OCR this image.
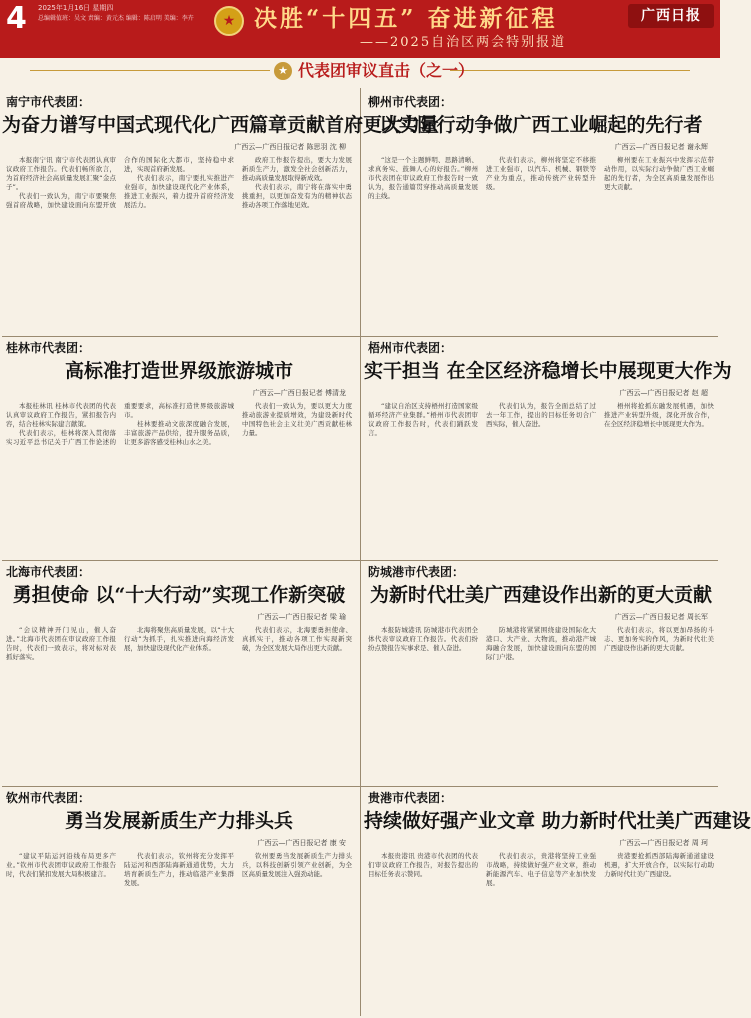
4 2025年1月16日 星期四
总编辑值班：吴文 责编：黄元杰 编辑：陈启明 美编：李卉	★ 决胜“十四五” 奋进新征程
——2025自治区两会特别报道
广西日报
★ 代表团审议直击（之一）
南宁市代表团：
为奋力谱写中国式现代化广西篇章贡献首府更大力量
广西云—广西日报记者 陈思羽 沈 柳

本报南宁讯 南宁市代表团认真审议政府工作报告。代表们畅所欲言，为首府经济社会高质量发展汇聚“金点子”。

代表们一致认为，南宁市要聚焦强首府战略，加快建设面向东盟开放合作的国际化大都市，坚持稳中求进，实现首府新发展。

代表们表示，南宁要扎实推进产业强市，加快建设现代化产业体系，推进工业振兴，着力提升首府经济发展活力。

政府工作报告提出，要大力发展新质生产力，激发全社会创新活力，推动高质量发展取得新成效。

代表们表示，南宁将在落实中勇挑重担，以更加奋发有为的精神状态推动各项工作落地见效。

柳州市代表团：
以实际行动争做广西工业崛起的先行者
广西云—广西日报记者 谢永辉

“这是一个主题鲜明、思路清晰、求真务实、鼓舞人心的好报告。”柳州市代表团在审议政府工作报告时一致认为，报告通篇贯穿推动高质量发展的主线。

代表们表示，柳州将坚定不移推进工业强市，以汽车、机械、钢铁等产业为重点，推动传统产业转型升级。

柳州要在工业振兴中发挥示范带动作用，以实际行动争做广西工业崛起的先行者，为全区高质量发展作出更大贡献。

桂林市代表团：
高标准打造世界级旅游城市
广西云—广西日报记者 傅清龙

本报桂林讯 桂林市代表团的代表认真审议政府工作报告，紧扣报告内容，结合桂林实际建言献策。

代表们表示，桂林将深入贯彻落实习近平总书记关于广西工作论述的重要要求，高标准打造世界级旅游城市。

桂林要推动文旅深度融合发展，丰富旅游产品供给，提升服务品质，让更多游客感受桂林山水之美。

代表们一致认为，要以更大力度推动旅游业提质增效，为建设新时代中国特色社会主义壮美广西贡献桂林力量。

梧州市代表团：
实干担当 在全区经济稳增长中展现更大作为
广西云—广西日报记者 赵 超

“建议自治区支持梧州打造国家级循环经济产业集群。”梧州市代表团审议政府工作报告时，代表们踊跃发言。

代表们认为，报告全面总结了过去一年工作，提出的目标任务切合广西实际，催人奋进。

梧州将抢抓东融发展机遇，加快推进产业转型升级，深化开放合作，在全区经济稳增长中展现更大作为。

北海市代表团：
勇担使命 以“十大行动”实现工作新突破
广西云—广西日报记者 梁 瑜

“会议精神开门见山，催人奋进。”北海市代表团在审议政府工作报告时，代表们一致表示，将对标对表抓好落实。

北海将聚焦高质量发展，以“十大行动”为抓手，扎实推进向海经济发展，加快建设现代化产业体系。

代表们表示，北海要勇担使命、真抓实干，推动各项工作实现新突破，为全区发展大局作出更大贡献。

防城港市代表团：
为新时代壮美广西建设作出新的更大贡献
广西云—广西日报记者 周长军

本报防城港讯 防城港市代表团全体代表审议政府工作报告。代表们纷纷点赞报告实事求是、催人奋进。

防城港将紧紧围绕建设国际化大港口、大产业、大物流，推动港产城海融合发展，加快建设面向东盟的国际门户港。

代表们表示，将以更加昂扬的斗志、更加务实的作风，为新时代壮美广西建设作出新的更大贡献。

钦州市代表团：
勇当发展新质生产力排头兵
广西云—广西日报记者 康 安

“建议平陆运河沿线布局更多产业。”钦州市代表团审议政府工作报告时，代表们紧扣发展大局积极建言。

代表们表示，钦州将充分发挥平陆运河和西部陆海新通道优势，大力培育新质生产力，推动临港产业集群发展。

钦州要勇当发展新质生产力排头兵，以科技创新引领产业创新，为全区高质量发展注入强劲动能。

贵港市代表团：
持续做好强产业文章 助力新时代壮美广西建设
广西云—广西日报记者 周 珂

本报贵港讯 贵港市代表团的代表们审议政府工作报告，对报告提出的目标任务表示赞同。

代表们表示，贵港将坚持工业强市战略，持续做好强产业文章，推动新能源汽车、电子信息等产业加快发展。

贵港要抢抓西部陆海新通道建设机遇，扩大开放合作，以实际行动助力新时代壮美广西建设。
